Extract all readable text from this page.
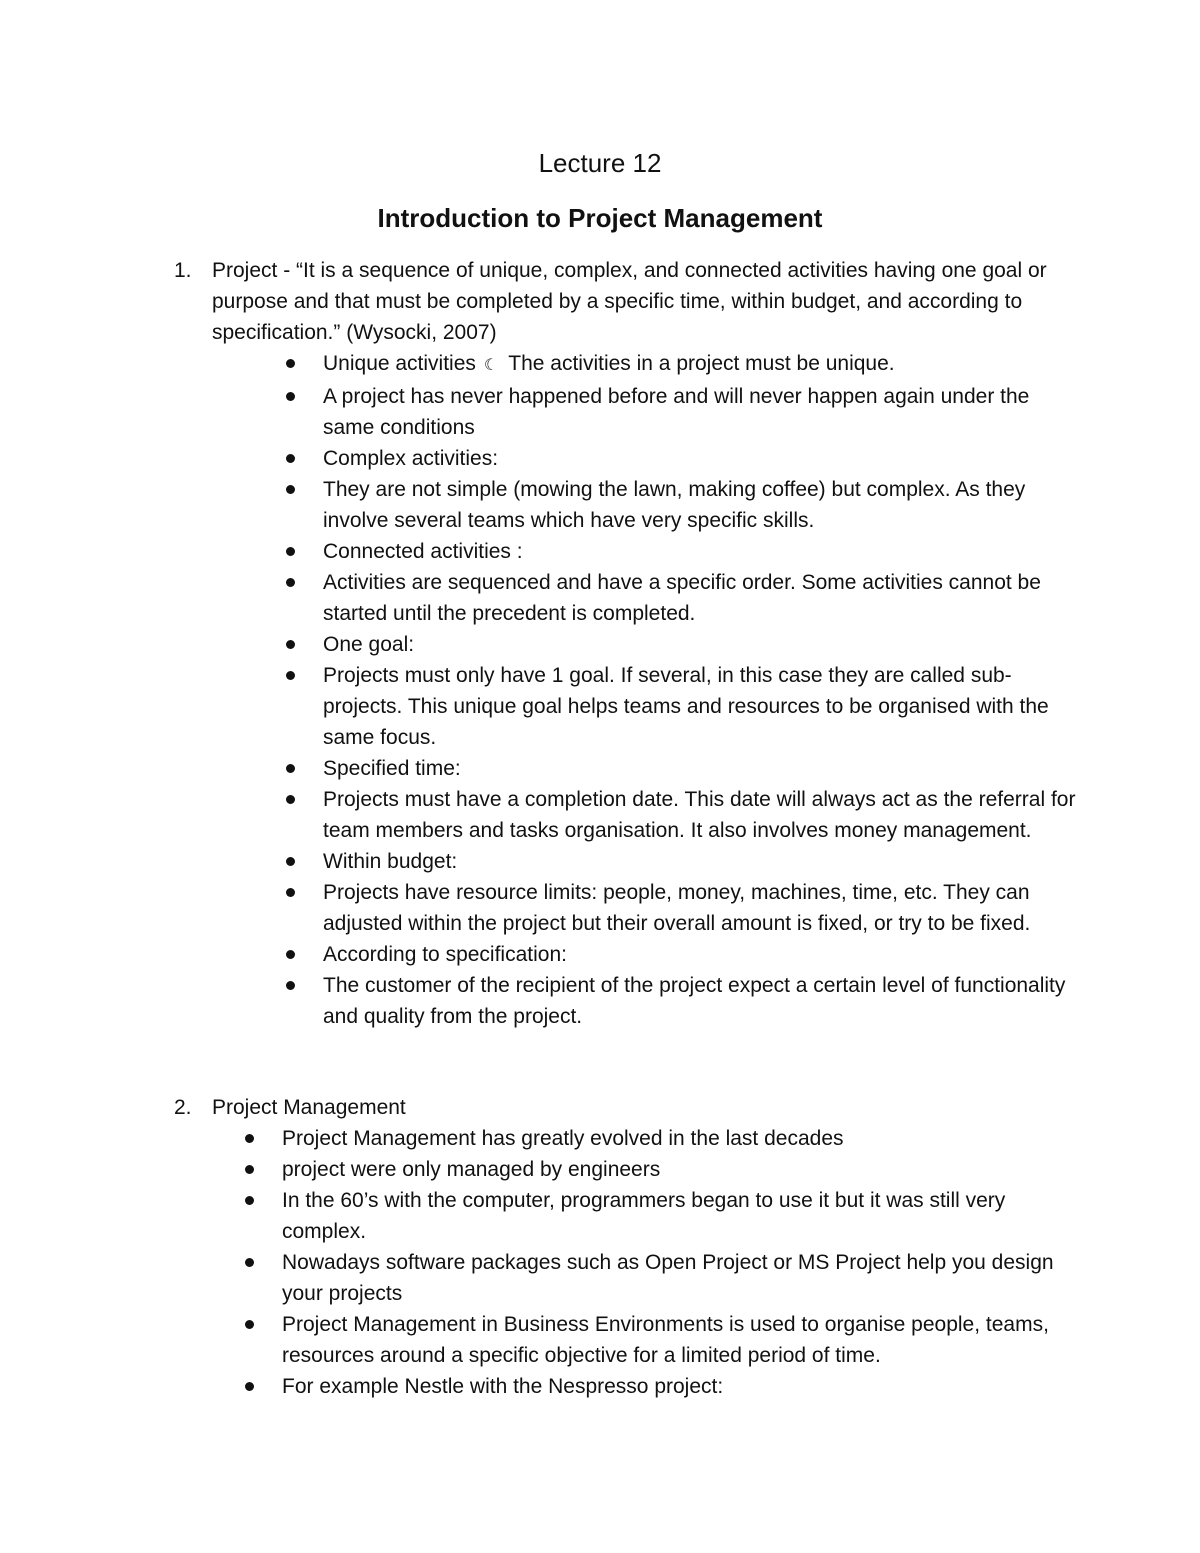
Lecture 12
Introduction to Project Management
1. Project - “It is a sequence of unique, complex, and connected activities having one goal or purpose and that must be completed by a specific time, within budget, and according to specification.” (Wysocki, 2007)
Unique activities ☾ The activities in a project must be unique.
A project has never happened before and will never happen again under the same conditions
Complex activities:
They are not simple (mowing the lawn, making coffee) but complex. As they involve several teams which have very specific skills.
Connected activities :
Activities are sequenced and have a specific order. Some activities cannot be started until the precedent is completed.
One goal:
Projects must only have 1 goal. If several, in this case they are called sub-projects. This unique goal helps teams and resources to be organised with the same focus.
Specified time:
Projects must have a completion date. This date will always act as the referral for team members and tasks organisation. It also involves money management.
Within budget:
Projects have resource limits: people, money, machines, time, etc. They can adjusted within the project but their overall amount is fixed, or try to be fixed.
According to specification:
The customer of the recipient of the project expect a certain level of functionality and quality from the project.
2. Project Management
Project Management has greatly evolved in the last decades
project were only managed by engineers
In the 60’s with the computer, programmers began to use it but it was still very complex.
Nowadays software packages such as Open Project or MS Project help you design your projects
Project Management in Business Environments is used to organise people, teams, resources around a specific objective for a limited period of time.
For example Nestle with the Nespresso project:
